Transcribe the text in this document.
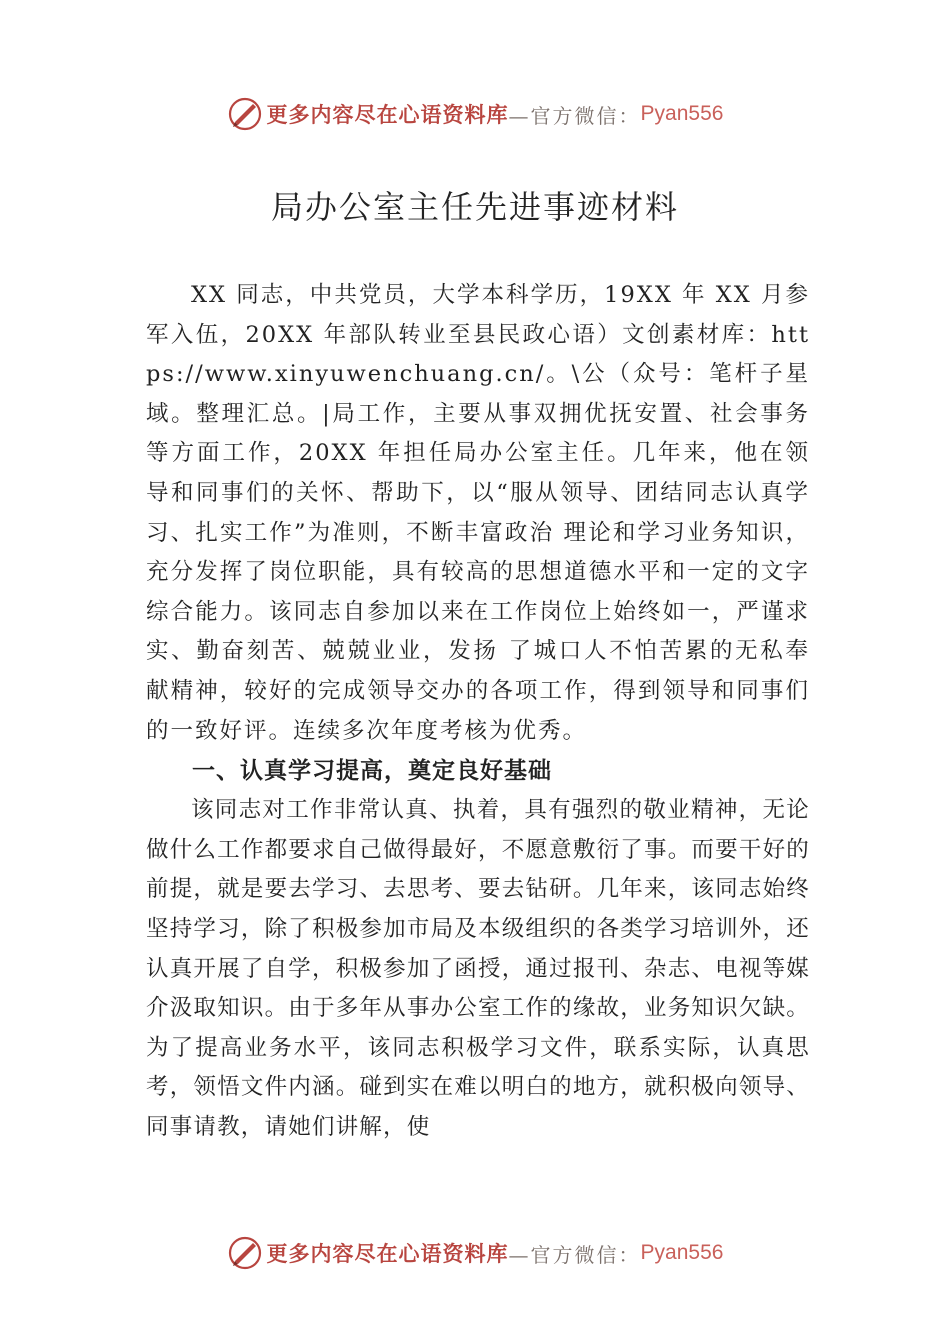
更多内容尽在心语资料库 —官方微信： Pyan556
局办公室主任先进事迹材料

XX 同志，中共党员，大学本科学历，19XX 年 XX 月参军入伍，20XX 年部队转业至县民政心语）文创素材库：https://www.xinyuwenchuang.cn/。\公（众号：笔杆子星域。整理汇总。|局工作，主要从事双拥优抚安置、社会事务等方面工作，20XX 年担任局办公室主任。几年来，他在领导和同事们的关怀、帮助下，以“服从领导、团结同志认真学习、扎实工作”为准则，不断丰富政治 理论和学习业务知识，充分发挥了岗位职能，具有较高的思想道德水平和一定的文字综合能力。该同志自参加以来在工作岗位上始终如一，严谨求实、勤奋刻苦、兢兢业业，发扬 了城口人不怕苦累的无私奉献精神，较好的完成领导交办的各项工作，得到领导和同事们的一致好评。连续多次年度考核为优秀。

一、认真学习提高，奠定良好基础

该同志对工作非常认真、执着，具有强烈的敬业精神，无论做什么工作都要求自己做得最好，不愿意敷衍了事。而要干好的前提，就是要去学习、去思考、要去钻研。几年来，该同志始终坚持学习，除了积极参加市局及本级组织的各类学习培训外，还认真开展了自学，积极参加了函授，通过报刊、杂志、电视等媒介汲取知识。由于多年从事办公室工作的缘故，业务知识欠缺。为了提高业务水平，该同志积极学习文件，联系实际，认真思考，领悟文件内涵。碰到实在难以明白的地方，就积极向领导、同事请教，请她们讲解，使

更多内容尽在心语资料库 —官方微信： Pyan556
